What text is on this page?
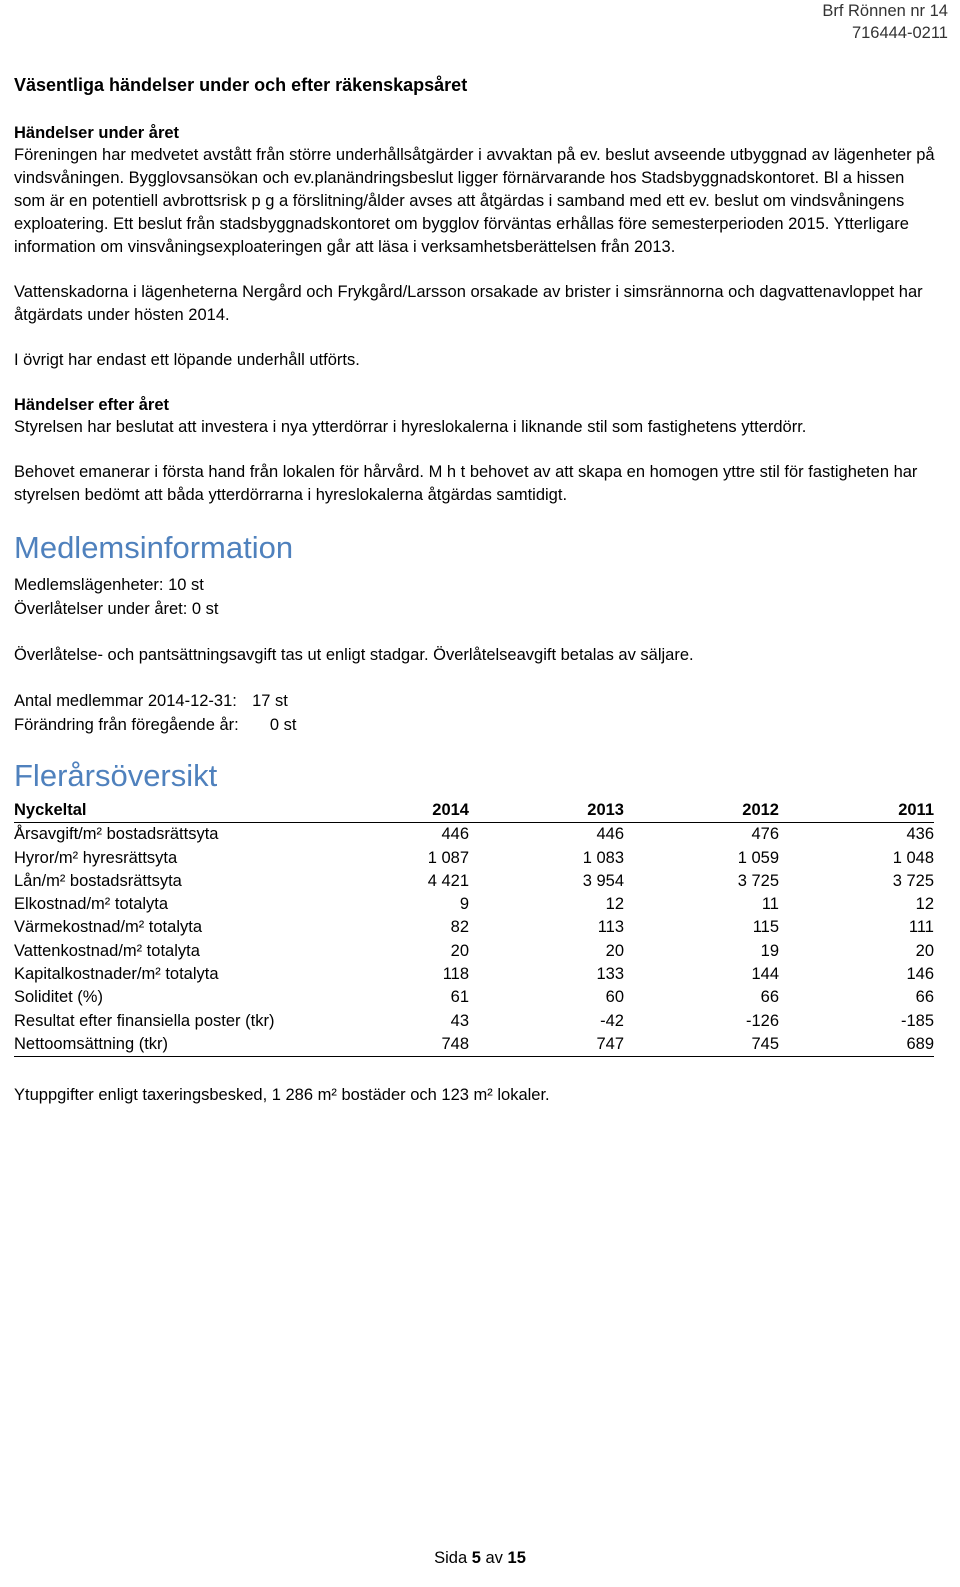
Brf Rönnen nr 14
716444-0211
Väsentliga händelser under och efter räkenskapsåret
Händelser under året

Föreningen har medvetet avstått från större underhållsåtgärder i avvaktan på ev. beslut avseende utbyggnad av lägenheter på vindsvåningen. Bygglovsansökan och ev.planändringsbeslut ligger förnärvarande hos Stadsbyggnadskontoret. Bl a hissen som är en potentiell avbrottsrisk p g a förslitning/ålder avses att åtgärdas i samband med ett ev. beslut om vindsvåningens exploatering. Ett beslut från stadsbyggnadskontoret om bygglov förväntas erhållas före semesterperioden 2015. Ytterligare information om vinsvåningsexploateringen går att läsa i verksamhetsberättelsen från 2013.

Vattenskadorna i lägenheterna Nergård och Frykgård/Larsson orsakade av brister i simsrännorna och dagvattenavloppet har åtgärdats under hösten 2014.

I övrigt har endast ett löpande underhåll utförts.

Händelser efter året

Styrelsen har beslutat att investera i nya ytterdörrar i hyreslokalerna i liknande stil som fastighetens ytterdörr.

Behovet emanerar i första hand från lokalen för hårvård. M h t behovet av att skapa en homogen yttre stil för fastigheten har styrelsen bedömt att båda ytterdörrarna i hyreslokalerna åtgärdas samtidigt.

Medlemsinformation
Medlemslägenheter: 10 st
Överlåtelser under året: 0 st
Överlåtelse- och pantsättningsavgift tas ut enligt stadgar. Överlåtelseavgift betalas av säljare.
Antal medlemmar 2014-12-31: 17 st
Förändring från föregående år: 0 st
Flerårsöversikt
Nyckeltal	2014	2013	2012	2011
Årsavgift/m² bostadsrättsyta	446	446	476	436
Hyror/m² hyresrättsyta	1 087	1 083	1 059	1 048
Lån/m² bostadsrättsyta	4 421	3 954	3 725	3 725
Elkostnad/m² totalyta	9	12	11	12
Värmekostnad/m² totalyta	82	113	115	111
Vattenkostnad/m² totalyta	20	20	19	20
Kapitalkostnader/m² totalyta	118	133	144	146
Soliditet (%)	61	60	66	66
Resultat efter finansiella poster (tkr)	43	-42	-126	-185
Nettoomsättning (tkr)	748	747	745	689
Ytuppgifter enligt taxeringsbesked, 1 286 m² bostäder och 123 m² lokaler.
Sida 5 av 15
